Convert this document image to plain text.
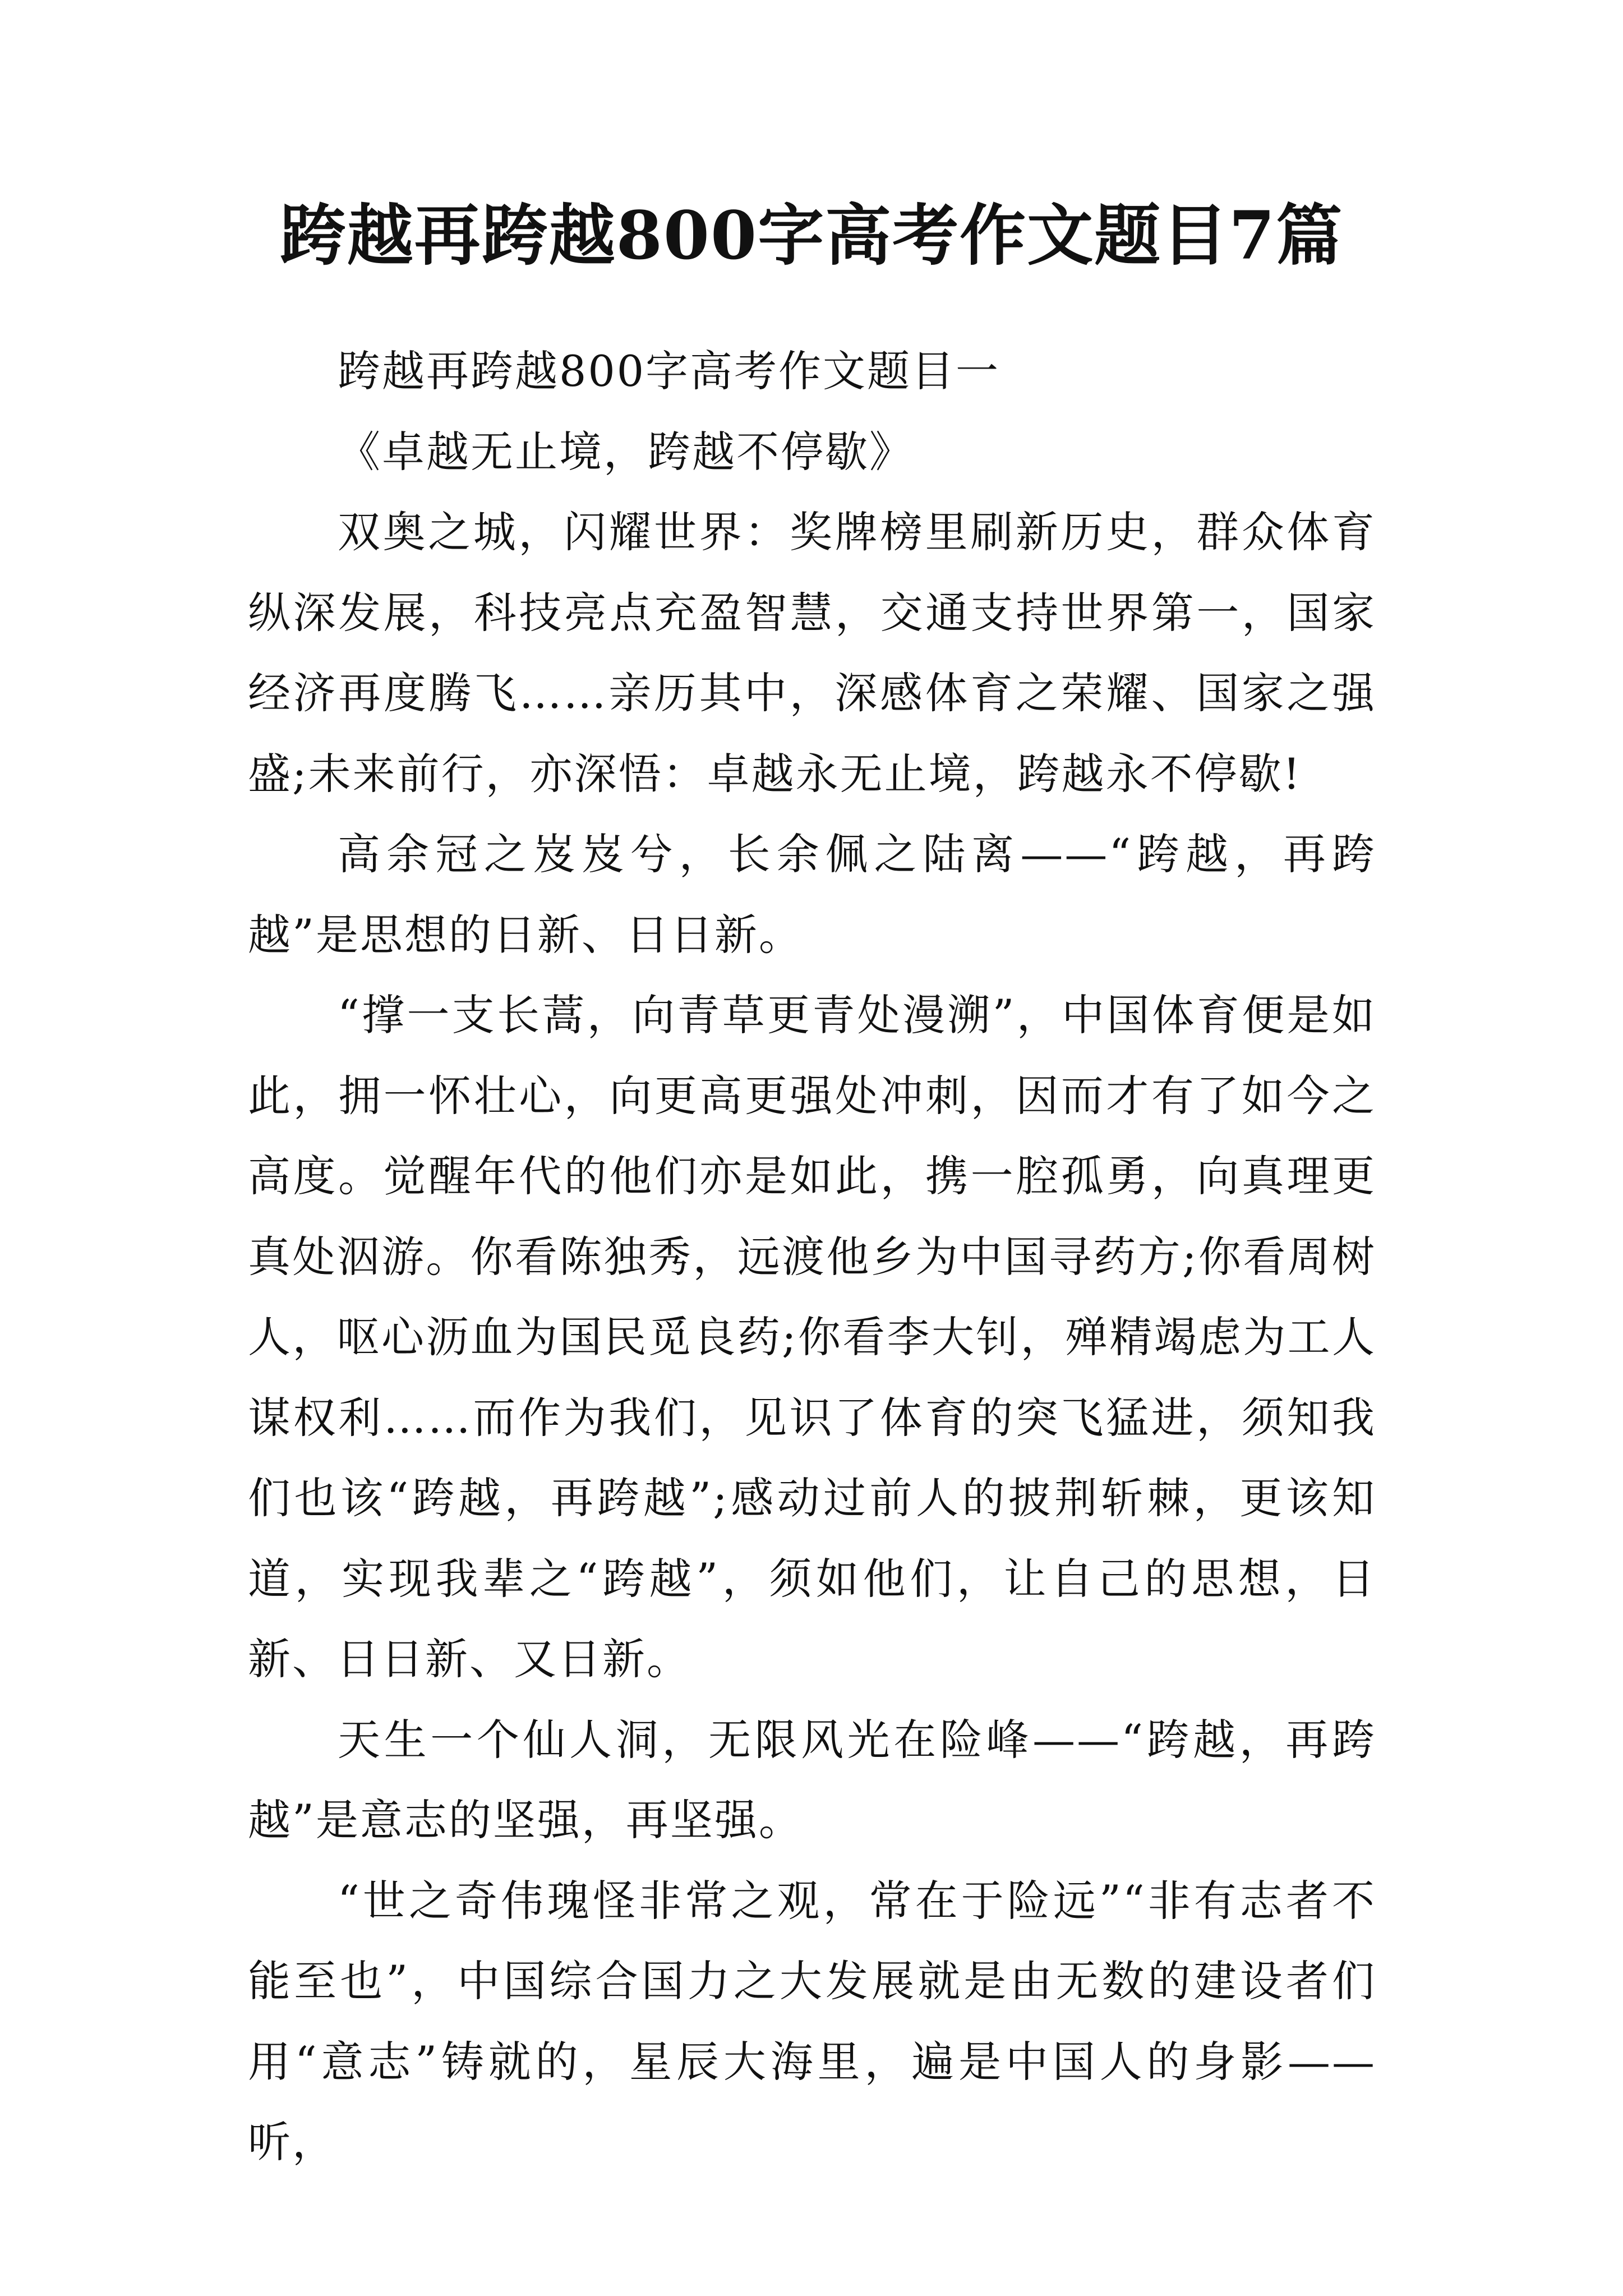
跨越再跨越800字高考作文题目7篇

跨越再跨越800字高考作文题目一

《卓越无止境，跨越不停歇》

双奥之城，闪耀世界：奖牌榜里刷新历史，群众体育纵深发展，科技亮点充盈智慧，交通支持世界第一，国家经济再度腾飞……亲历其中，深感体育之荣耀、国家之强盛;未来前行，亦深悟：卓越永无止境，跨越永不停歇!

高余冠之岌岌兮，长余佩之陆离——“跨越，再跨越”是思想的日新、日日新。

“撑一支长蒿，向青草更青处漫溯”，中国体育便是如此，拥一怀壮心，向更高更强处冲刺，因而才有了如今之高度。觉醒年代的他们亦是如此，携一腔孤勇，向真理更真处泅游。你看陈独秀，远渡他乡为中国寻药方;你看周树人，呕心沥血为国民觅良药;你看李大钊，殚精竭虑为工人谋权利……而作为我们，见识了体育的突飞猛进，须知我们也该“跨越，再跨越”;感动过前人的披荆斩棘，更该知道，实现我辈之“跨越”，须如他们，让自己的思想，日新、日日新、又日新。

天生一个仙人洞，无限风光在险峰——“跨越，再跨越”是意志的坚强，再坚强。

“世之奇伟瑰怪非常之观，常在于险远”“非有志者不能至也”，中国综合国力之大发展就是由无数的建设者们用“意志”铸就的，星辰大海里，遍是中国人的身影——听，
